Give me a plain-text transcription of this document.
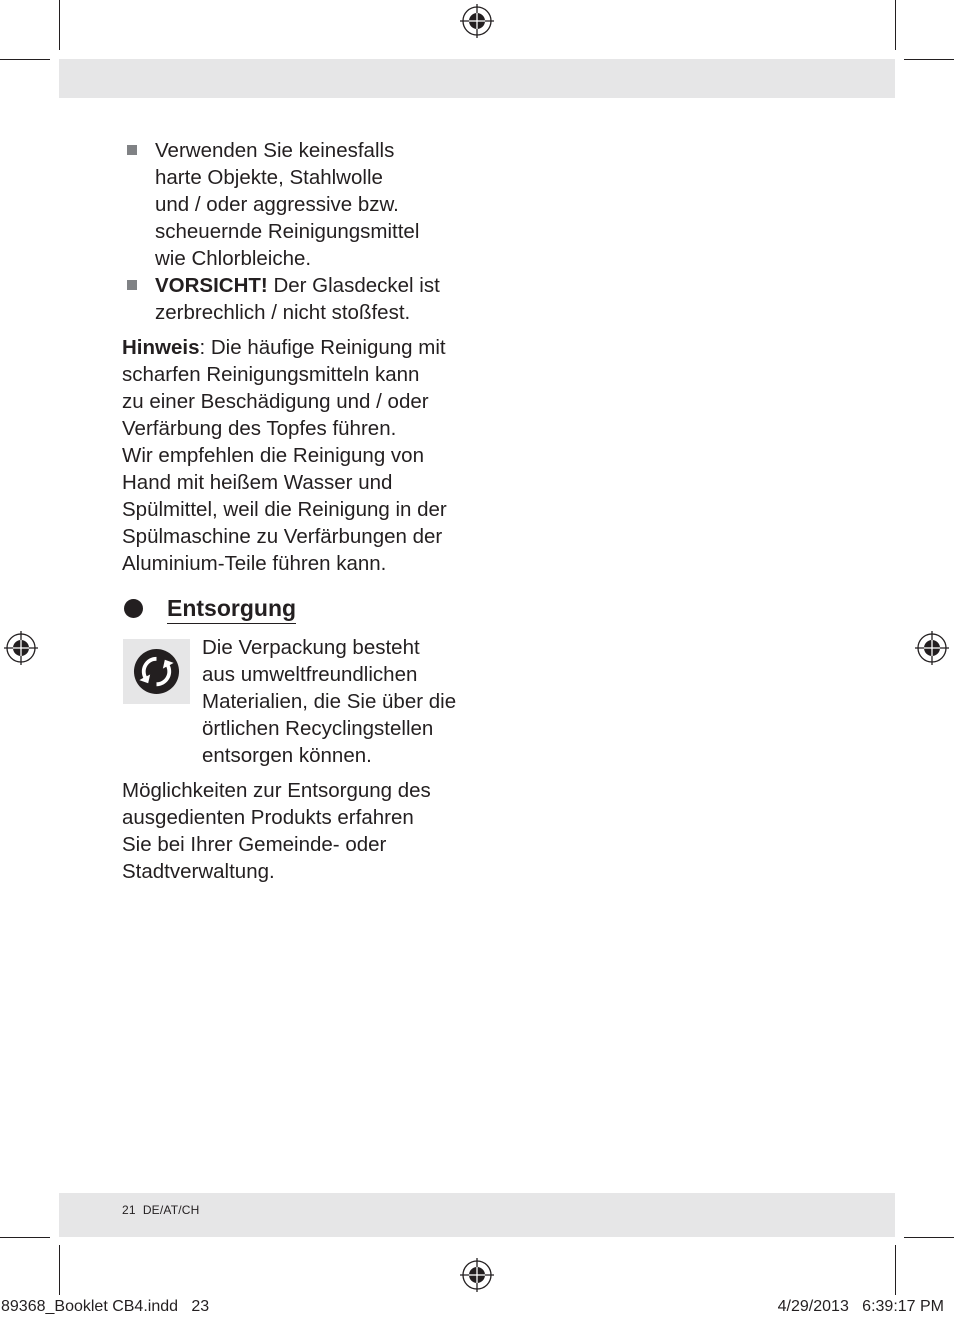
Verwenden Sie keinesfalls
harte Objekte, Stahlwolle
und / oder aggressive bzw.
scheuernde Reinigungsmittel
wie Chlorbleiche.
VORSICHT! Der Glasdeckel ist
zerbrechlich / nicht stoßfest.

Hinweis: Die häufige Reinigung mit
scharfen Reinigungsmitteln kann
zu einer Beschädigung und / oder
Verfärbung des Topfes führen.
Wir empfehlen die Reinigung von
Hand mit heißem Wasser und
Spülmittel, weil die Reinigung in der
Spülmaschine zu Verfärbungen der
Aluminium-Teile führen kann.

Entsorgung
Die Verpackung besteht
aus umweltfreundlichen
Materialien, die Sie über die
örtlichen Recyclingstellen
entsorgen können.

Möglichkeiten zur Entsorgung des
ausgedienten Produkts erfahren
Sie bei Ihrer Gemeinde- oder
Stadtverwaltung.

21  DE/AT/CH
89368_Booklet CB4.indd   23	4/29/2013   6:39:17 PM
